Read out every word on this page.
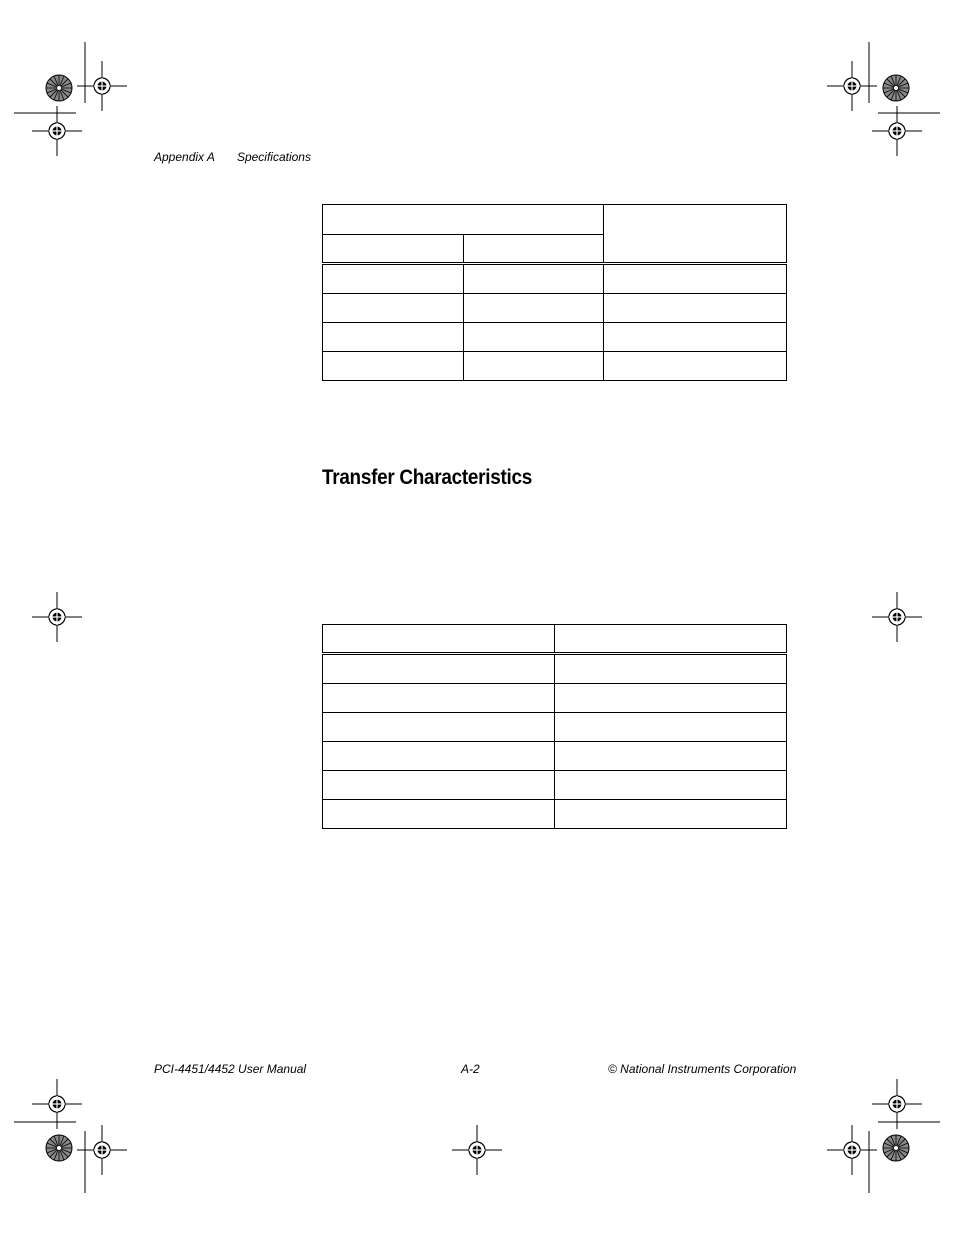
Appendix A Specifications

Transfer Characteristics

PCI-4451/4452 User Manual	A-2	© National Instruments Corporation
